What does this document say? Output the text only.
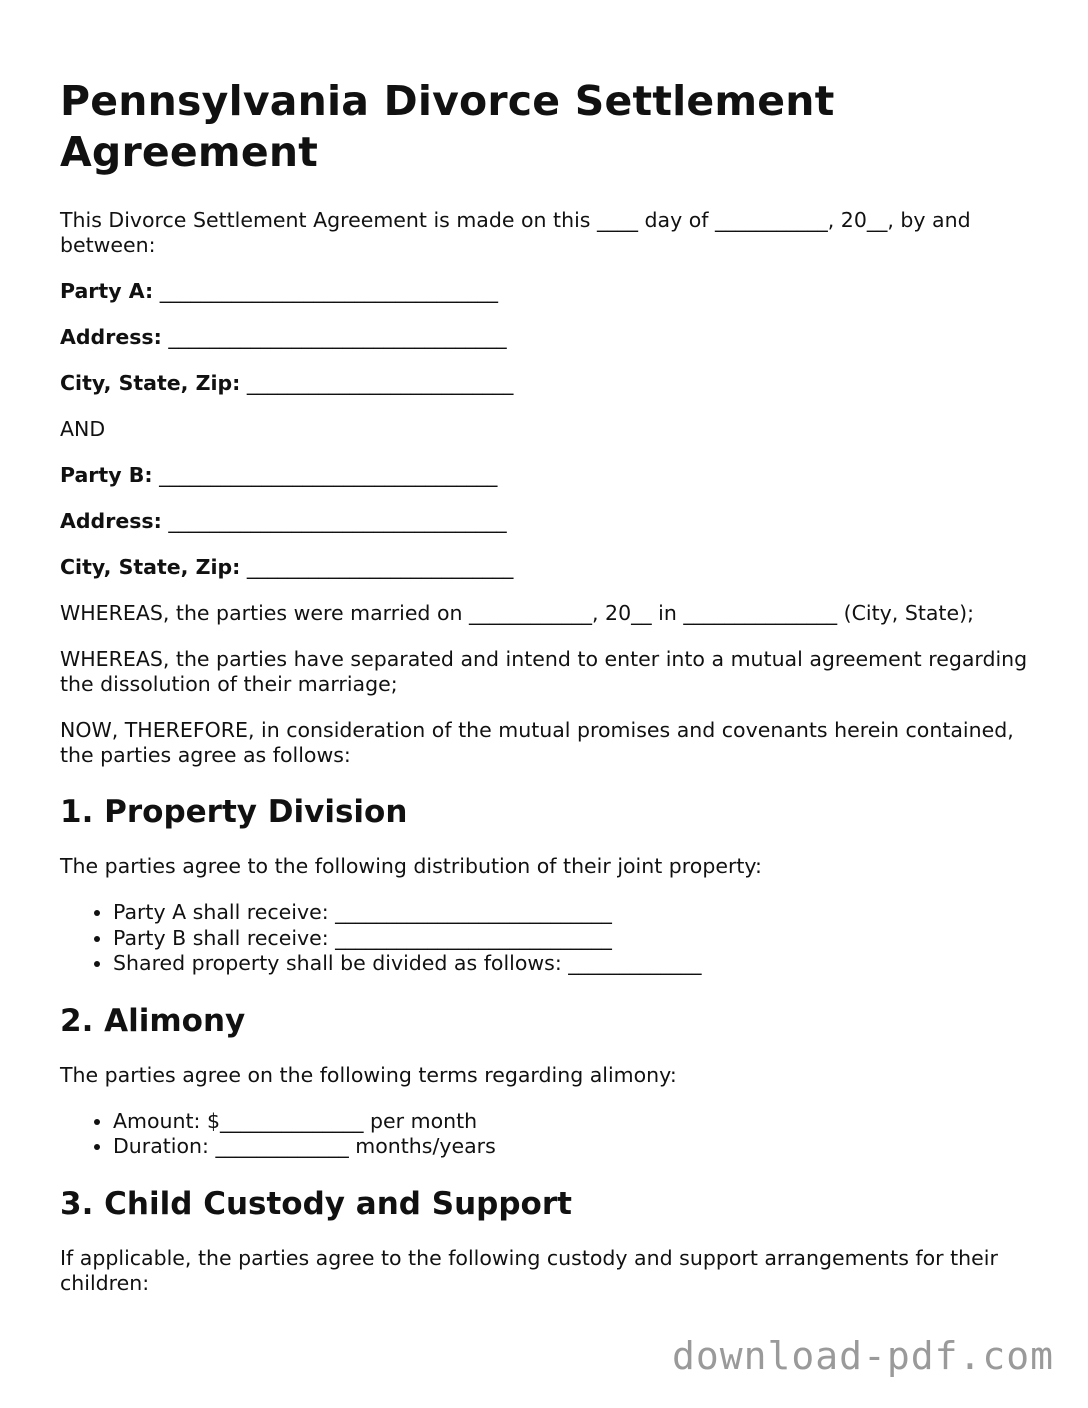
Pennsylvania Divorce Settlement Agreement

This Divorce Settlement Agreement is made on this ____ day of ___________, 20__, by and between:

Party A: _________________________________
Address: _________________________________
City, State, Zip: __________________________

AND

Party B: _________________________________
Address: _________________________________
City, State, Zip: __________________________

WHEREAS, the parties were married on ____________, 20__ in _______________ (City, State);

WHEREAS, the parties have separated and intend to enter into a mutual agreement regarding the dissolution of their marriage;

NOW, THEREFORE, in consideration of the mutual promises and covenants herein contained, the parties agree as follows:

1. Property Division

The parties agree to the following distribution of their joint property:

• Party A shall receive: ___________________________
• Party B shall receive: ___________________________
• Shared property shall be divided as follows: _____________
2. Alimony

The parties agree on the following terms regarding alimony:

• Amount: $______________ per month
• Duration: _____________ months/years
3. Child Custody and Support

If applicable, the parties agree to the following custody and support arrangements for their children:

download-pdf.com
